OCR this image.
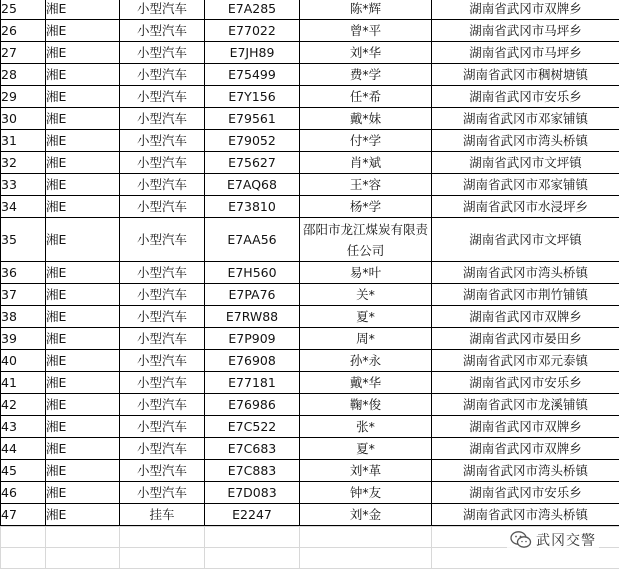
25	湘E	小型汽车	E7A285	陈*辉	湖南省武冈市双牌乡
26	湘E	小型汽车	E77022	曾*平	湖南省武冈市马坪乡
27	湘E	小型汽车	E7JH89	刘*华	湖南省武冈市马坪乡
28	湘E	小型汽车	E75499	费*学	湖南省武冈市稠树塘镇
29	湘E	小型汽车	E7Y156	任*希	湖南省武冈市安乐乡
30	湘E	小型汽车	E79561	戴*妹	湖南省武冈市邓家铺镇
31	湘E	小型汽车	E79052	付*学	湖南省武冈市湾头桥镇
32	湘E	小型汽车	E75627	肖*斌	湖南省武冈市文坪镇
33	湘E	小型汽车	E7AQ68	王*容	湖南省武冈市邓家铺镇
34	湘E	小型汽车	E73810	杨*学	湖南省武冈市水浸坪乡
35	湘E	小型汽车	E7AA56	邵阳市龙江煤炭有限责任公司	湖南省武冈市文坪镇
36	湘E	小型汽车	E7H560	易*叶	湖南省武冈市湾头桥镇
37	湘E	小型汽车	E7PA76	关*	湖南省武冈市荆竹铺镇
38	湘E	小型汽车	E7RW88	夏*	湖南省武冈市双牌乡
39	湘E	小型汽车	E7P909	周*	湖南省武冈市晏田乡
40	湘E	小型汽车	E76908	孙*永	湖南省武冈市邓元泰镇
41	湘E	小型汽车	E77181	戴*华	湖南省武冈市安乐乡
42	湘E	小型汽车	E76986	鞠*俊	湖南省武冈市龙溪铺镇
43	湘E	小型汽车	E7C522	张*	湖南省武冈市双牌乡
44	湘E	小型汽车	E7C683	夏*	湖南省武冈市双牌乡
45	湘E	小型汽车	E7C883	刘*革	湖南省武冈市湾头桥镇
46	湘E	小型汽车	E7D083	钟*友	湖南省武冈市安乐乡
47	湘E	挂车	E2247	刘*金	湖南省武冈市湾头桥镇

武冈交警
